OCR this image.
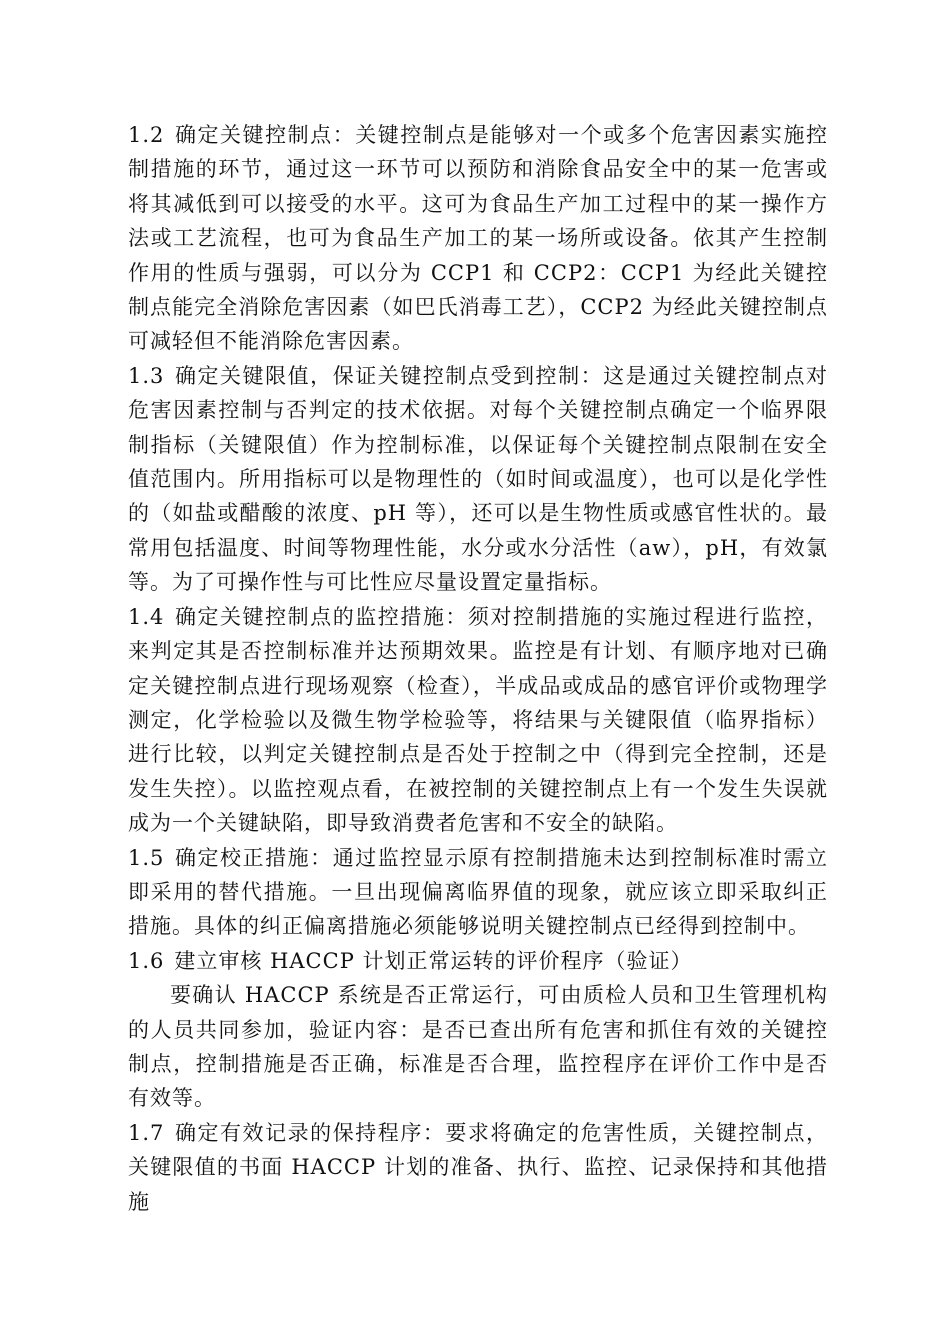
1.2 确定关键控制点：关键控制点是能够对一个或多个危害因素实施控制措施的环节，通过这一环节可以预防和消除食品安全中的某一危害或将其减低到可以接受的水平。这可为食品生产加工过程中的某一操作方法或工艺流程，也可为食品生产加工的某一场所或设备。依其产生控制作用的性质与强弱，可以分为 CCP1 和 CCP2：CCP1 为经此关键控制点能完全消除危害因素（如巴氏消毒工艺），CCP2 为经此关键控制点可减轻但不能消除危害因素。

1.3 确定关键限值，保证关键控制点受到控制：这是通过关键控制点对危害因素控制与否判定的技术依据。对每个关键控制点确定一个临界限制指标（关键限值）作为控制标准，以保证每个关键控制点限制在安全值范围内。所用指标可以是物理性的（如时间或温度），也可以是化学性的（如盐或醋酸的浓度、pH 等），还可以是生物性质或感官性状的。最常用包括温度、时间等物理性能，水分或水分活性（aw），pH，有效氯等。为了可操作性与可比性应尽量设置定量指标。

1.4 确定关键控制点的监控措施：须对控制措施的实施过程进行监控，来判定其是否控制标准并达预期效果。监控是有计划、有顺序地对已确定关键控制点进行现场观察（检查），半成品或成品的感官评价或物理学测定，化学检验以及微生物学检验等，将结果与关键限值（临界指标）进行比较，以判定关键控制点是否处于控制之中（得到完全控制，还是发生失控）。以监控观点看，在被控制的关键控制点上有一个发生失误就成为一个关键缺陷，即导致消费者危害和不安全的缺陷。

1.5 确定校正措施：通过监控显示原有控制措施未达到控制标准时需立即采用的替代措施。一旦出现偏离临界值的现象，就应该立即采取纠正措施。具体的纠正偏离措施必须能够说明关键控制点已经得到控制中。

1.6 建立审核 HACCP 计划正常运转的评价程序（验证）

要确认 HACCP 系统是否正常运行，可由质检人员和卫生管理机构的人员共同参加，验证内容：是否已查出所有危害和抓住有效的关键控制点，控制措施是否正确，标准是否合理，监控程序在评价工作中是否有效等。

1.7 确定有效记录的保持程序：要求将确定的危害性质，关键控制点，关键限值的书面 HACCP 计划的准备、执行、监控、记录保持和其他措施
